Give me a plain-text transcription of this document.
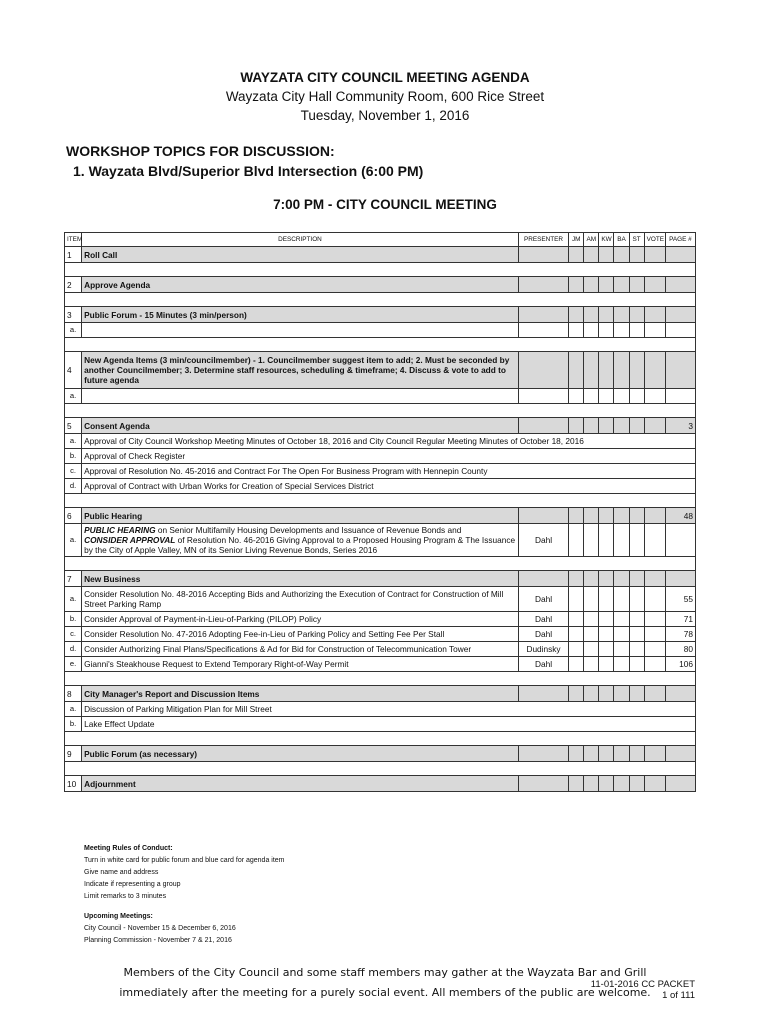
WAYZATA CITY COUNCIL MEETING AGENDA
Wayzata City Hall Community Room, 600 Rice Street
Tuesday, November 1, 2016
WORKSHOP TOPICS FOR DISCUSSION:
1. Wayzata Blvd/Superior Blvd Intersection (6:00 PM)
7:00 PM - CITY COUNCIL MEETING
ITEM	DESCRIPTION	PRESENTER	JM	AM	KW	BA	ST	VOTE	PAGE #
1	Roll Call								

2	Approve Agenda								

3	Public Forum - 15 Minutes (3 min/person)								
a.									

4	New Agenda Items (3 min/councilmember) - 1. Councilmember suggest item to add; 2. Must be seconded by another Councilmember; 3. Determine staff resources, scheduling & timeframe; 4. Discuss & vote to add to future agenda								
a.									

5	Consent Agenda								3
a.	Approval of City Council Workshop Meeting Minutes of October 18, 2016 and City Council Regular Meeting Minutes of October 18, 2016								
b.	Approval of Check Register								
c.	Approval of Resolution No. 45-2016 and Contract For The Open For Business Program with Hennepin County								
d.	Approval of Contract with Urban Works for Creation of Special Services District								

6	Public Hearing								48
a.	PUBLIC HEARING on Senior Multifamily Housing Developments and Issuance of Revenue Bonds and
CONSIDER APPROVAL of Resolution No. 46-2016 Giving Approval to a Proposed Housing Program & The Issuance by the City of Apple Valley, MN of its Senior Living Revenue Bonds, Series 2016	Dahl							

7	New Business								
a.	Consider Resolution No. 48-2016 Accepting Bids and Authorizing the Execution of Contract for Construction of Mill Street Parking Ramp	Dahl							55
b.	Consider Approval of Payment-in-Lieu-of-Parking (PILOP) Policy	Dahl							71
c.	Consider Resolution No. 47-2016 Adopting Fee-in-Lieu of Parking Policy and Setting Fee Per Stall	Dahl							78
d.	Consider Authorizing Final Plans/Specifications & Ad for Bid for Construction of Telecommunication Tower	Dudinsky							80
e.	Gianni's Steakhouse Request to Extend Temporary Right-of-Way Permit	Dahl							106

8	City Manager's Report and Discussion Items								
a.	Discussion of Parking Mitigation Plan for Mill Street								
b.	Lake Effect Update								

9	Public Forum (as necessary)								

10	Adjournment								
Meeting Rules of Conduct:
Turn in white card for public forum and blue card for agenda item
Give name and address
Indicate if representing a group
Limit remarks to 3 minutes
Upcoming Meetings:
City Council - November 15 & December 6, 2016
Planning Commission - November 7 & 21, 2016
Members of the City Council and some staff members may gather at the Wayzata Bar and Grill
immediately after the meeting for a purely social event. All members of the public are welcome.
11-01-2016 CC PACKET
1 of 111
